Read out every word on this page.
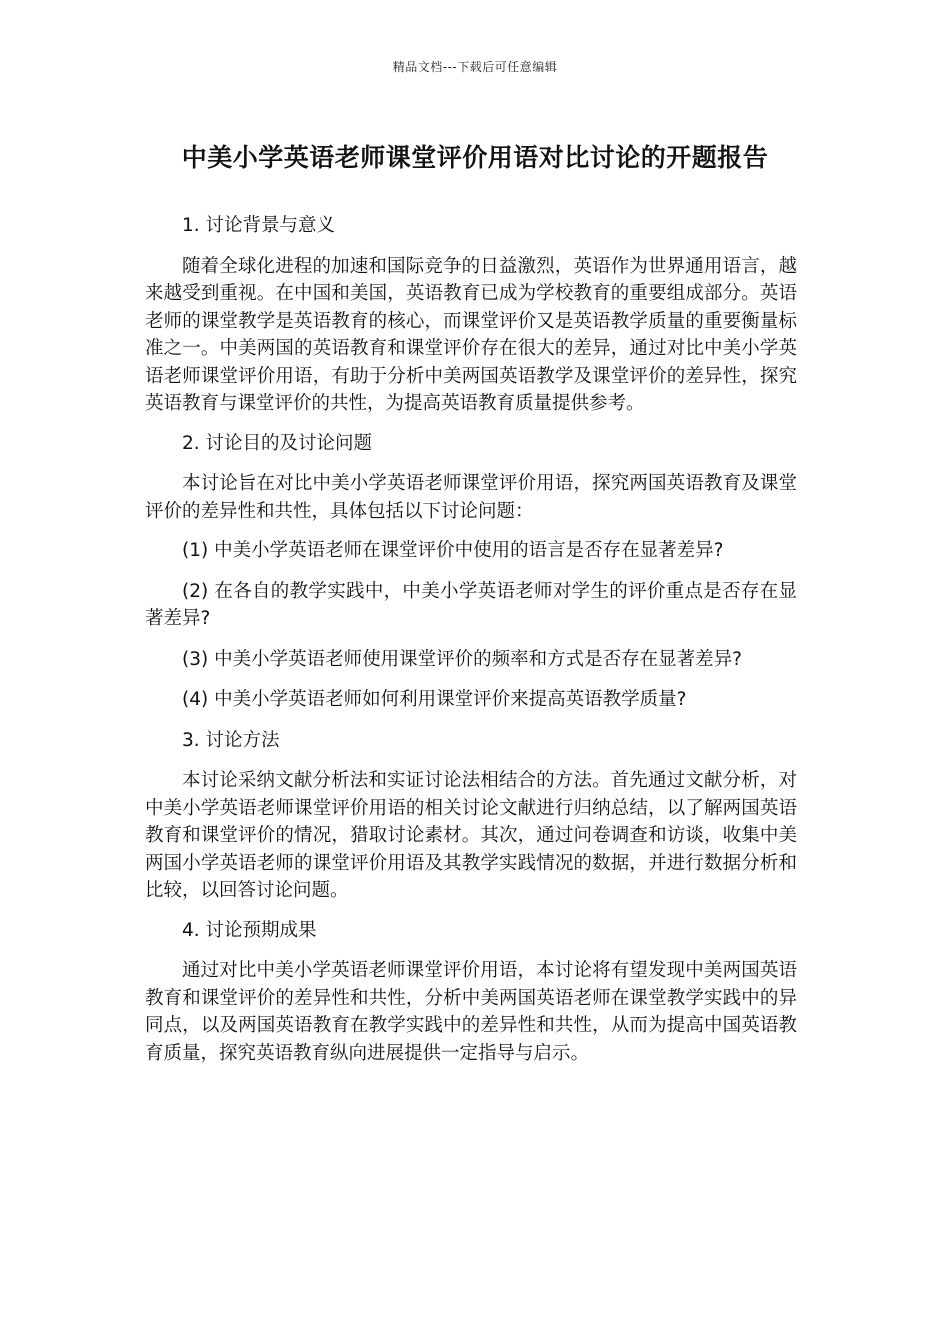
精品文档---下载后可任意编辑
中美小学英语老师课堂评价用语对比讨论的开题报告

1. 讨论背景与意义

随着全球化进程的加速和国际竞争的日益激烈，英语作为世界通用语言，越来越受到重视。在中国和美国，英语教育已成为学校教育的重要组成部分。英语老师的课堂教学是英语教育的核心，而课堂评价又是英语教学质量的重要衡量标准之一。中美两国的英语教育和课堂评价存在很大的差异，通过对比中美小学英语老师课堂评价用语，有助于分析中美两国英语教学及课堂评价的差异性，探究英语教育与课堂评价的共性，为提高英语教育质量提供参考。

2. 讨论目的及讨论问题

本讨论旨在对比中美小学英语老师课堂评价用语，探究两国英语教育及课堂评价的差异性和共性，具体包括以下讨论问题：

(1) 中美小学英语老师在课堂评价中使用的语言是否存在显著差异?

(2) 在各自的教学实践中，中美小学英语老师对学生的评价重点是否存在显著差异?

(3) 中美小学英语老师使用课堂评价的频率和方式是否存在显著差异?

(4) 中美小学英语老师如何利用课堂评价来提高英语教学质量?

3. 讨论方法

本讨论采纳文献分析法和实证讨论法相结合的方法。首先通过文献分析，对中美小学英语老师课堂评价用语的相关讨论文献进行归纳总结，以了解两国英语教育和课堂评价的情况，猎取讨论素材。其次，通过问卷调查和访谈，收集中美两国小学英语老师的课堂评价用语及其教学实践情况的数据，并进行数据分析和比较，以回答讨论问题。

4. 讨论预期成果

通过对比中美小学英语老师课堂评价用语，本讨论将有望发现中美两国英语教育和课堂评价的差异性和共性，分析中美两国英语老师在课堂教学实践中的异同点，以及两国英语教育在教学实践中的差异性和共性，从而为提高中国英语教育质量，探究英语教育纵向进展提供一定指导与启示。
